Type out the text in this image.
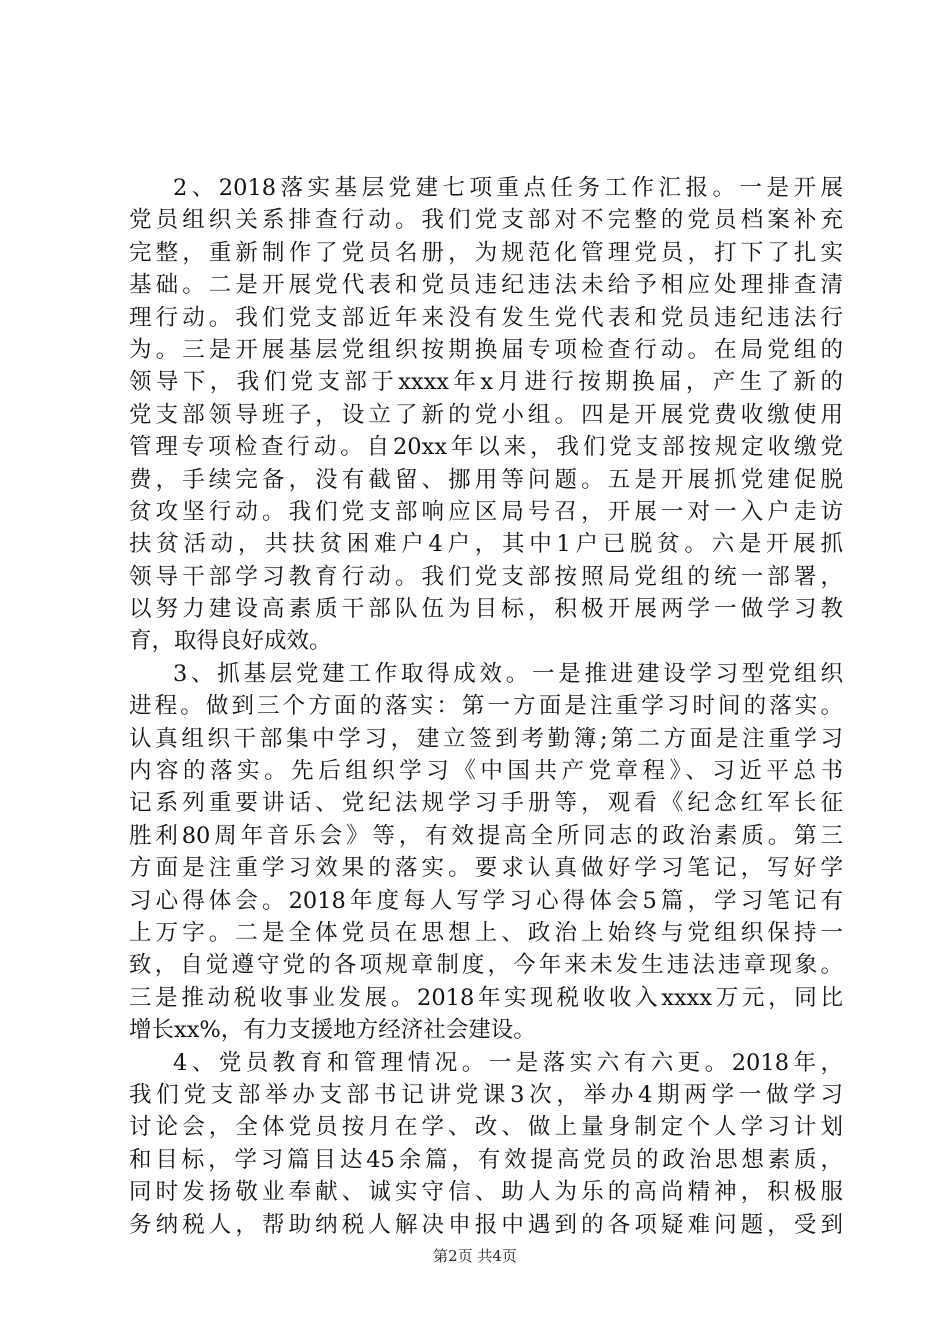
2、2018落实基层党建七项重点任务工作汇报。一是开展
党员组织关系排查行动。我们党支部对不完整的党员档案补充
完整，重新制作了党员名册，为规范化管理党员，打下了扎实
基础。二是开展党代表和党员违纪违法未给予相应处理排查清
理行动。我们党支部近年来没有发生党代表和党员违纪违法行
为。三是开展基层党组织按期换届专项检查行动。在局党组的
领导下，我们党支部于xxxx年x月进行按期换届，产生了新的
党支部领导班子，设立了新的党小组。四是开展党费收缴使用
管理专项检查行动。自20xx年以来，我们党支部按规定收缴党
费，手续完备，没有截留、挪用等问题。五是开展抓党建促脱
贫攻坚行动。我们党支部响应区局号召，开展一对一入户走访
扶贫活动，共扶贫困难户4户，其中1户已脱贫。六是开展抓
领导干部学习教育行动。我们党支部按照局党组的统一部署，
以努力建设高素质干部队伍为目标，积极开展两学一做学习教
育，取得良好成效。
3、抓基层党建工作取得成效。一是推进建设学习型党组织
进程。做到三个方面的落实：第一方面是注重学习时间的落实。
认真组织干部集中学习，建立签到考勤簿;第二方面是注重学习
内容的落实。先后组织学习《中国共产党章程》、习近平总书
记系列重要讲话、党纪法规学习手册等，观看《纪念红军长征
胜利80周年音乐会》等，有效提高全所同志的政治素质。第三
方面是注重学习效果的落实。要求认真做好学习笔记，写好学
习心得体会。2018年度每人写学习心得体会5篇，学习笔记有
上万字。二是全体党员在思想上、政治上始终与党组织保持一
致，自觉遵守党的各项规章制度，今年来未发生违法违章现象。
三是推动税收事业发展。2018年实现税收收入xxxx万元，同比
增长xx%，有力支援地方经济社会建设。
4、党员教育和管理情况。一是落实六有六更。2018年，
我们党支部举办支部书记讲党课3次，举办4期两学一做学习
讨论会，全体党员按月在学、改、做上量身制定个人学习计划
和目标，学习篇目达45余篇，有效提高党员的政治思想素质，
同时发扬敬业奉献、诚实守信、助人为乐的高尚精神，积极服
务纳税人，帮助纳税人解决申报中遇到的各项疑难问题，受到
第2页 共4页
